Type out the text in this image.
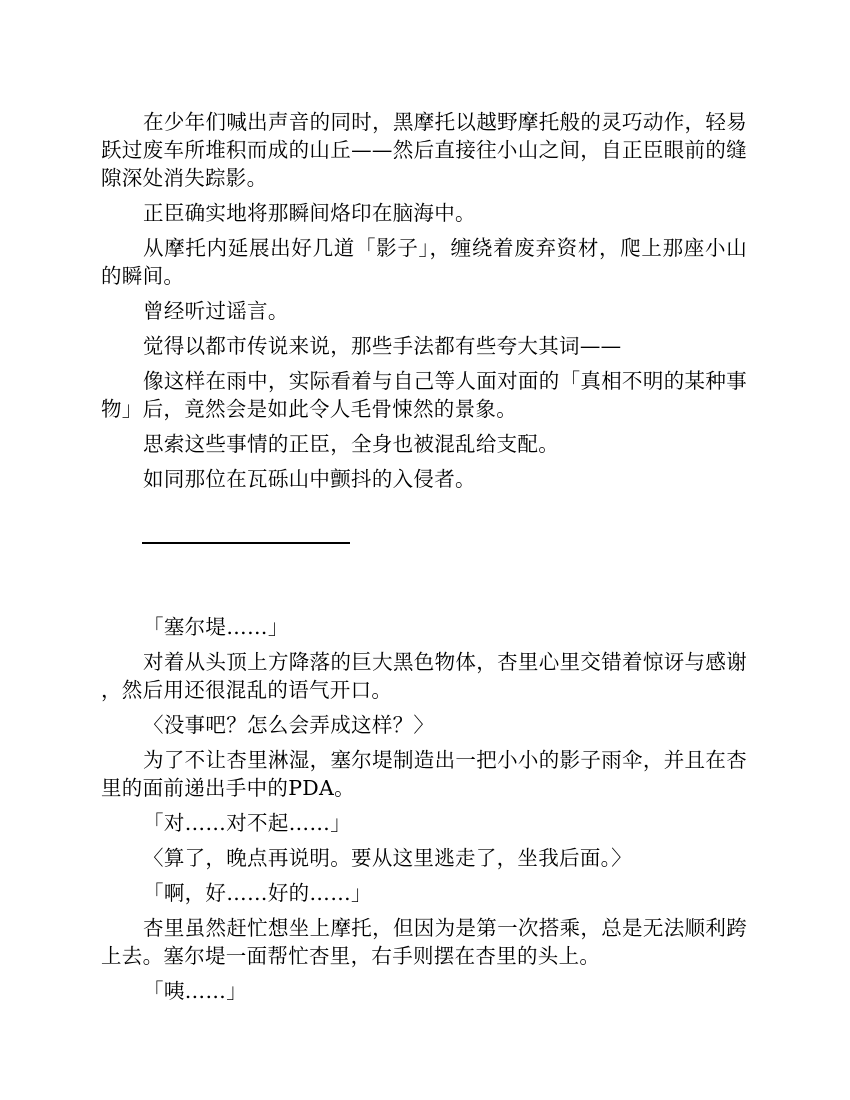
在少年们喊出声音的同时，黑摩托以越野摩托般的灵巧动作，轻易跃过废车所堆积而成的山丘——然后直接往小山之间，自正臣眼前的缝隙深处消失踪影。

正臣确实地将那瞬间烙印在脑海中。

从摩托内延展出好几道「影子」，缠绕着废弃资材，爬上那座小山的瞬间。

曾经听过谣言。

觉得以都市传说来说，那些手法都有些夸大其词——

像这样在雨中，实际看着与自己等人面对面的「真相不明的某种事物」后，竟然会是如此令人毛骨悚然的景象。

思索这些事情的正臣，全身也被混乱给支配。

如同那位在瓦砾山中颤抖的入侵者。

「塞尔堤……」

对着从头顶上方降落的巨大黑色物体，杏里心里交错着惊讶与感谢，然后用还很混乱的语气开口。

〈没事吧？怎么会弄成这样？〉

为了不让杏里淋湿，塞尔堤制造出一把小小的影子雨伞，并且在杏里的面前递出手中的PDA。

「对……对不起……」

〈算了，晚点再说明。要从这里逃走了，坐我后面。〉

「啊，好……好的……」

杏里虽然赶忙想坐上摩托，但因为是第一次搭乘，总是无法顺利跨上去。塞尔堤一面帮忙杏里，右手则摆在杏里的头上。

「咦……」
